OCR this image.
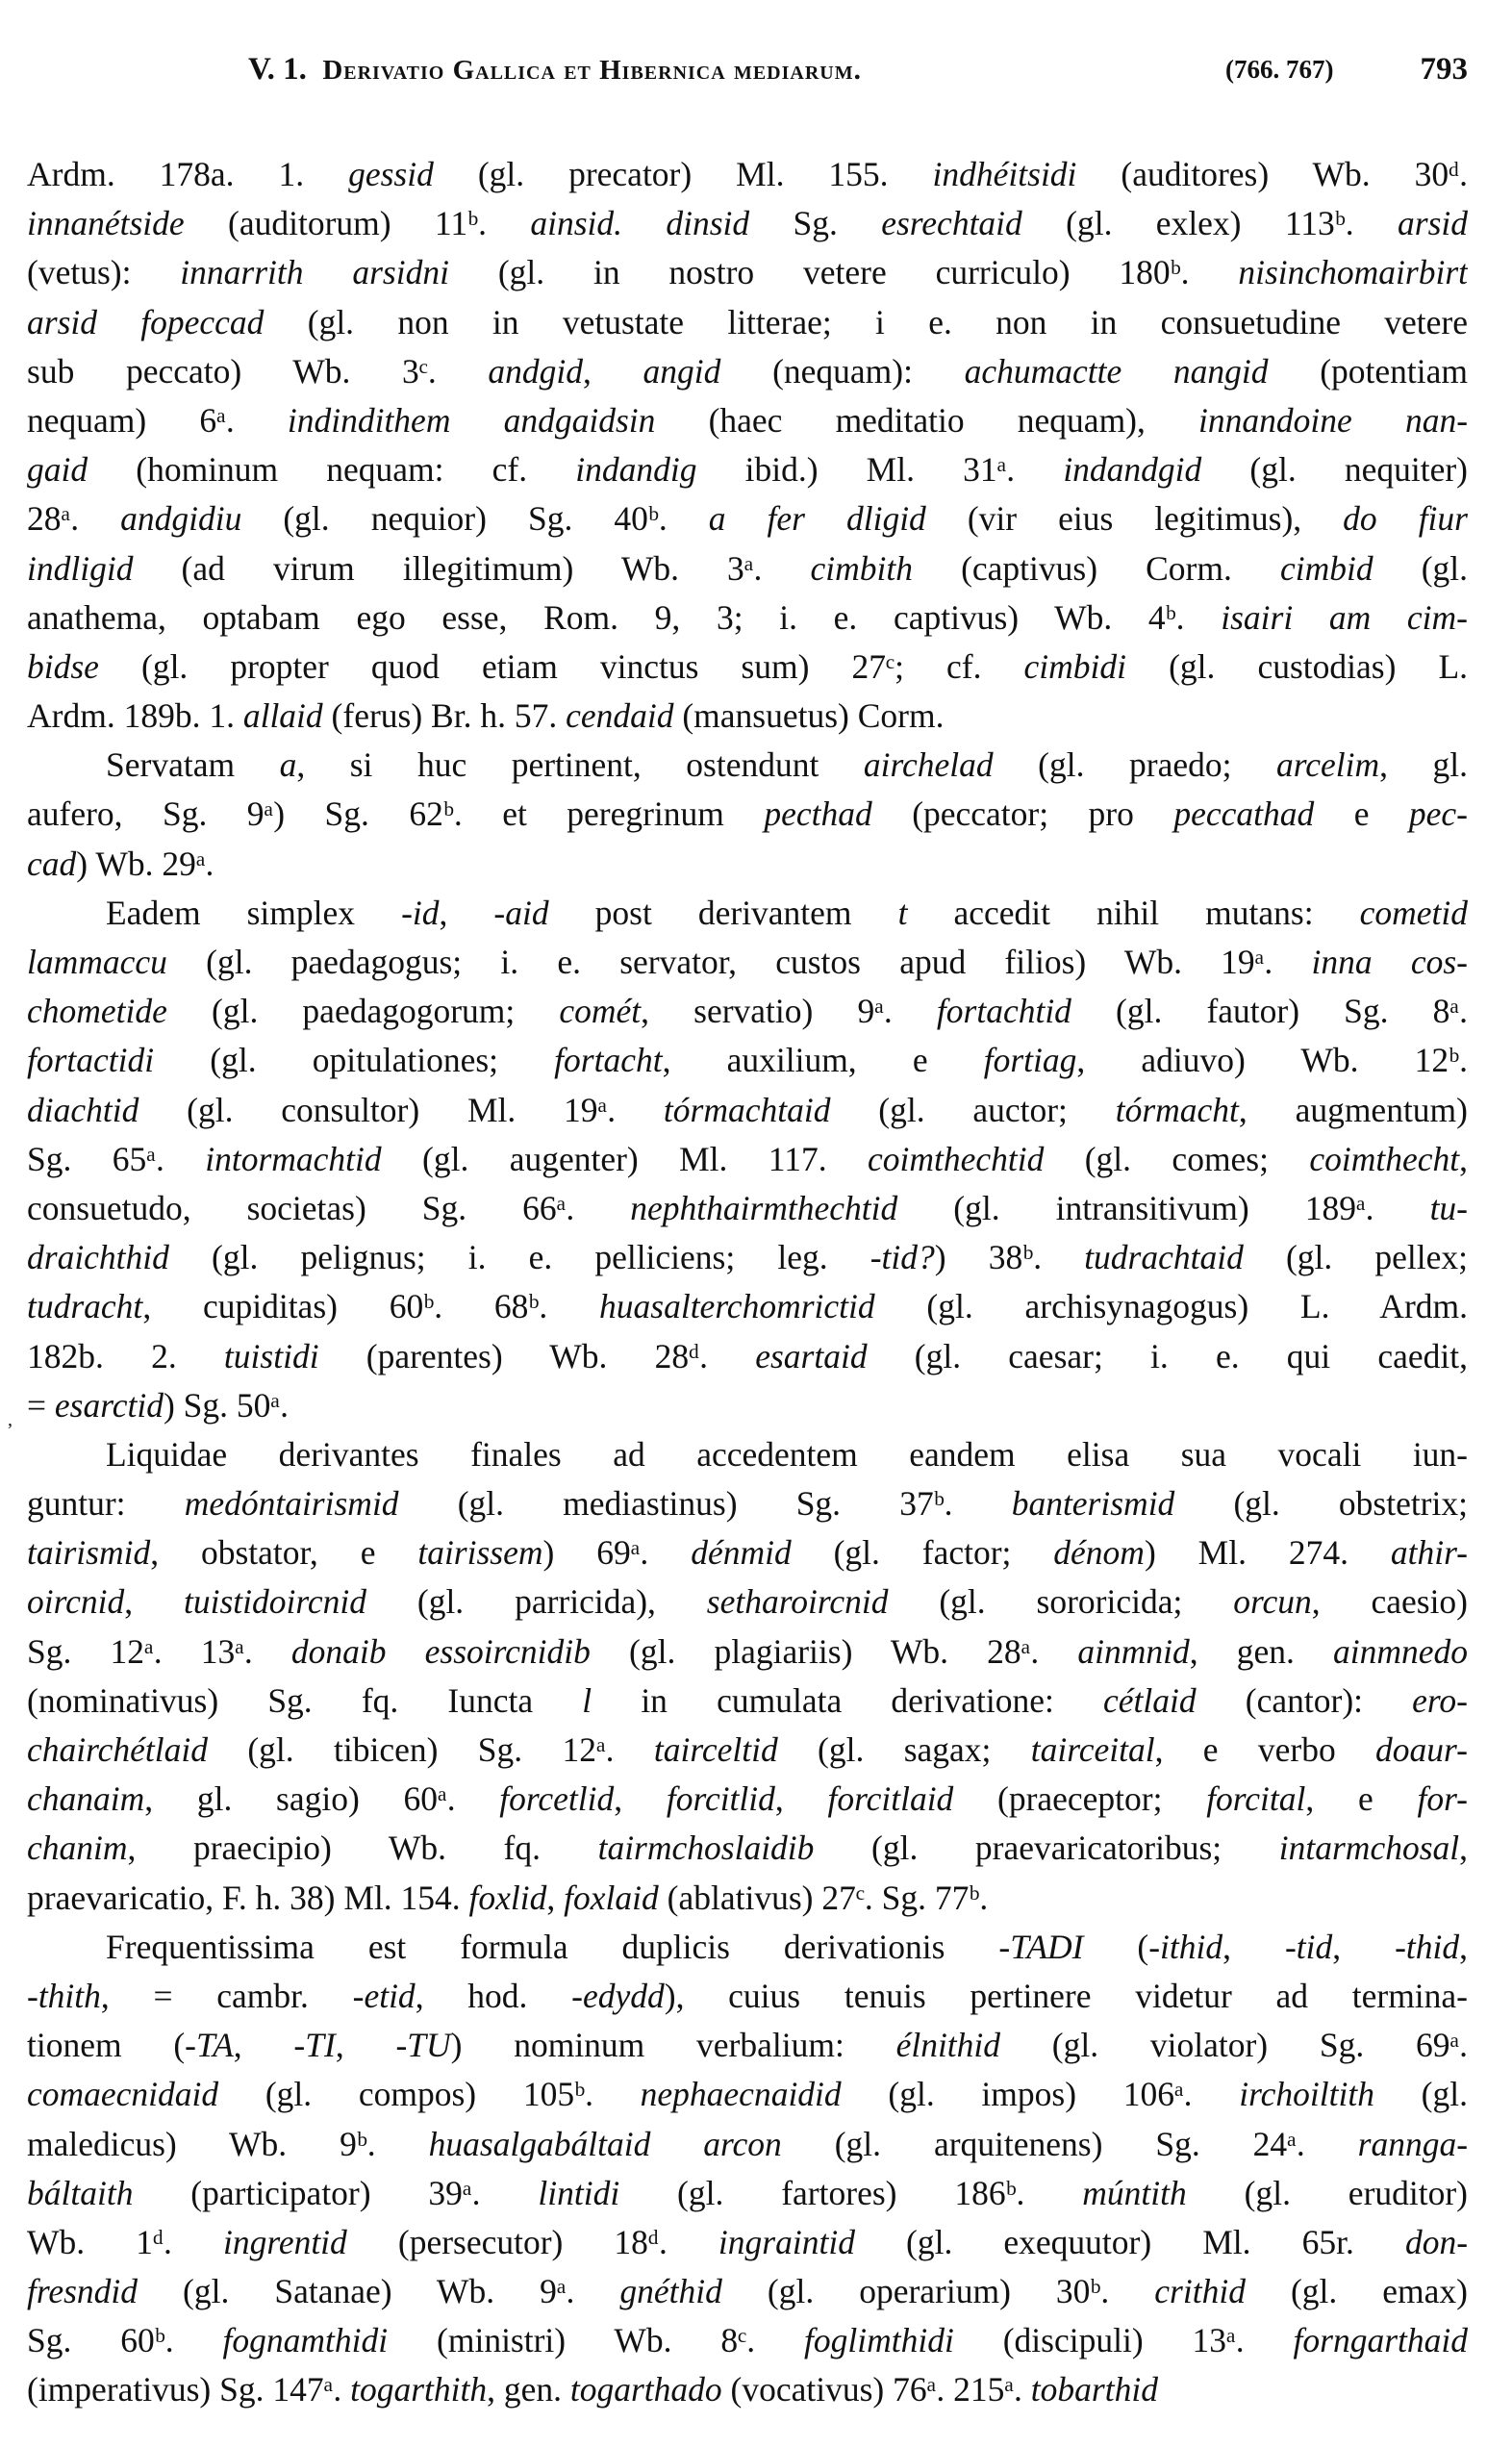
V. 1. Derivatio Gallica et Hibernica mediarum.	(766. 767)	793
Ardm. 178a. 1. gessid (gl. precator) Ml. 155. indhéitsidi (auditores) Wb. 30ᵈ.
innanétside (auditorum) 11ᵇ. ainsid. dinsid Sg. esrechtaid (gl. exlex) 113ᵇ. arsid
(vetus): innarrith arsidni (gl. in nostro vetere curriculo) 180ᵇ. nisinchomairbirt
arsid fopeccad (gl. non in vetustate litterae; i e. non in consuetudine vetere
sub peccato) Wb. 3ᶜ. andgid, angid (nequam): achumactte nangid (potentiam
nequam) 6ᵃ. indindithem andgaidsin (haec meditatio nequam), innandoine nan-
gaid (hominum nequam: cf. indandig ibid.) Ml. 31ᵃ. indandgid (gl. nequiter)
28ᵃ. andgidiu (gl. nequior) Sg. 40ᵇ. a fer dligid (vir eius legitimus), do fiur
indligid (ad virum illegitimum) Wb. 3ᵃ. cimbith (captivus) Corm. cimbid (gl.
anathema, optabam ego esse, Rom. 9, 3; i. e. captivus) Wb. 4ᵇ. isairi am cim-
bidse (gl. propter quod etiam vinctus sum) 27ᶜ; cf. cimbidi (gl. custodias) L.
Ardm. 189b. 1. allaid (ferus) Br. h. 57. cendaid (mansuetus) Corm.
Servatam a, si huc pertinent, ostendunt airchelad (gl. praedo; arcelim, gl.
aufero, Sg. 9ᵃ) Sg. 62ᵇ. et peregrinum pecthad (peccator; pro peccathad e pec-
cad) Wb. 29ᵃ.
Eadem simplex -id, -aid post derivantem t accedit nihil mutans: cometid
lammaccu (gl. paedagogus; i. e. servator, custos apud filios) Wb. 19ᵃ. inna cos-
chometide (gl. paedagogorum; comét, servatio) 9ᵃ. fortachtid (gl. fautor) Sg. 8ᵃ.
fortactidi (gl. opitulationes; fortacht, auxilium, e fortiag, adiuvo) Wb. 12ᵇ.
diachtid (gl. consultor) Ml. 19ᵃ. tórmachtaid (gl. auctor; tórmacht, augmentum)
Sg. 65ᵃ. intormachtid (gl. augenter) Ml. 117. coimthechtid (gl. comes; coimthecht,
consuetudo, societas) Sg. 66ᵃ. nephthairmthechtid (gl. intransitivum) 189ᵃ. tu-
draichthid (gl. pelignus; i. e. pelliciens; leg. -tid?) 38ᵇ. tudrachtaid (gl. pellex;
tudracht, cupiditas) 60ᵇ. 68ᵇ. huasalterchomrictid (gl. archisynagogus) L. Ardm.
182b. 2. tuistidi (parentes) Wb. 28ᵈ. esartaid (gl. caesar; i. e. qui caedit,
= esarctid) Sg. 50ᵃ.
Liquidae derivantes finales ad accedentem eandem elisa sua vocali iun-
guntur: medóntairismid (gl. mediastinus) Sg. 37ᵇ. banterismid (gl. obstetrix;
tairismid, obstator, e tairissem) 69ᵃ. dénmid (gl. factor; dénom) Ml. 274. athir-
oircnid, tuistidoircnid (gl. parricida), setharoircnid (gl. sororicida; orcun, caesio)
Sg. 12ᵃ. 13ᵃ. donaib essoircnidib (gl. plagiariis) Wb. 28ᵃ. ainmnid, gen. ainmnedo
(nominativus) Sg. fq. Iuncta l in cumulata derivatione: cétlaid (cantor): ero-
chairchétlaid (gl. tibicen) Sg. 12ᵃ. tairceltid (gl. sagax; tairceital, e verbo doaur-
chanaim, gl. sagio) 60ᵃ. forcetlid, forcitlid, forcitlaid (praeceptor; forcital, e for-
chanim, praecipio) Wb. fq. tairmchoslaidib (gl. praevaricatoribus; intarmchosal,
praevaricatio, F. h. 38) Ml. 154. foxlid, foxlaid (ablativus) 27ᶜ. Sg. 77ᵇ.
Frequentissima est formula duplicis derivationis -TADI (-ithid, -tid, -thid,
-thith, = cambr. -etid, hod. -edydd), cuius tenuis pertinere videtur ad termina-
tionem (-TA, -TI, -TU) nominum verbalium: élnithid (gl. violator) Sg. 69ᵃ.
comaecnidaid (gl. compos) 105ᵇ. nephaecnaidid (gl. impos) 106ᵃ. irchoiltith (gl.
maledicus) Wb. 9ᵇ. huasalgabáltaid arcon (gl. arquitenens) Sg. 24ᵃ. rannga-
báltaith (participator) 39ᵃ. lintidi (gl. fartores) 186ᵇ. múntith (gl. eruditor)
Wb. 1ᵈ. ingrentid (persecutor) 18ᵈ. ingraintid (gl. exequutor) Ml. 65r. don-
fresndid (gl. Satanae) Wb. 9ᵃ. gnéthid (gl. operarium) 30ᵇ. crithid (gl. emax)
Sg. 60ᵇ. fognamthidi (ministri) Wb. 8ᶜ. foglimthidi (discipuli) 13ᵃ. forngarthaid
(imperativus) Sg. 147ᵃ. togarthith, gen. togarthado (vocativus) 76ᵃ. 215ᵃ. tobarthid
,
